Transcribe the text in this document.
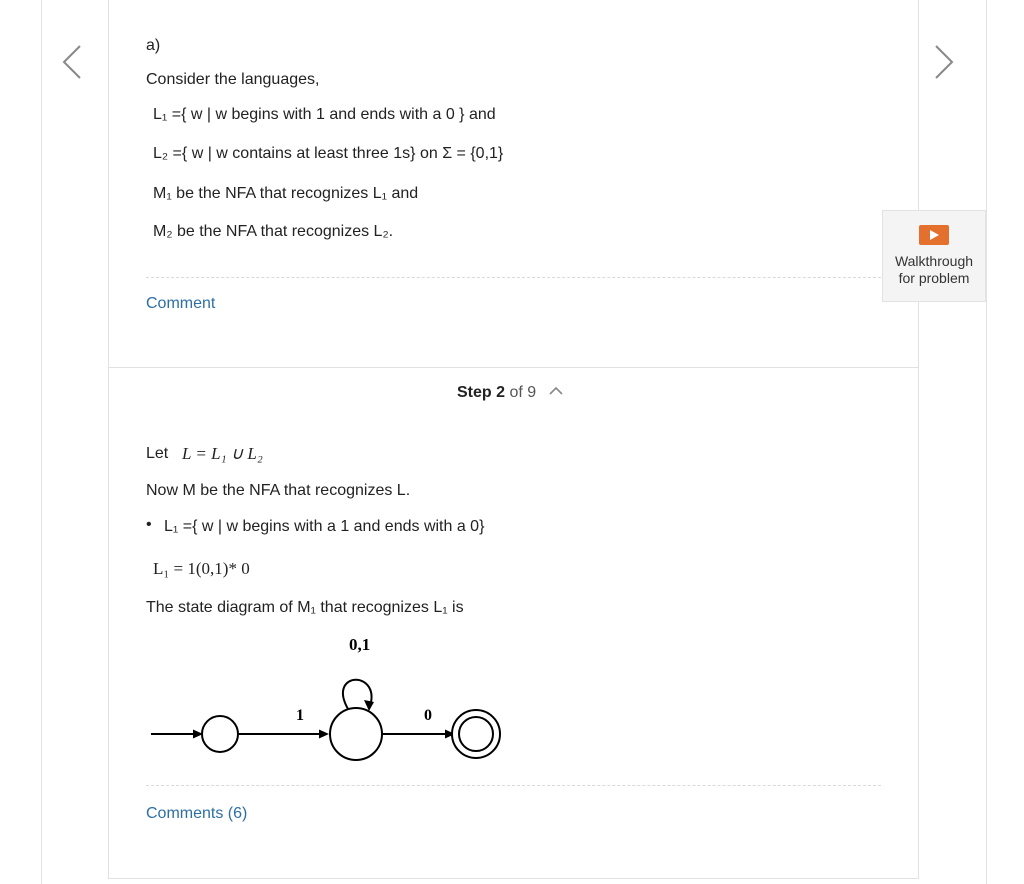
a)
Consider the languages,
L₁ ={ w | w begins with 1 and ends with a 0 } and
L₂ ={ w | w contains at least three 1s} on Σ = {0,1}
M₁ be the NFA that recognizes L₁ and
M₂ be the NFA that recognizes L₂.
Comment
Walkthrough
for problem
Step 2 of 9
Let L = L₁ ∪ L₂
Now M be the NFA that recognizes L.
• L₁ ={ w | w begins with a 1 and ends with a 0}
L₁ = 1(0,1)* 0
The state diagram of M₁ that recognizes L₁ is
0,1
1	0
Comments (6)
